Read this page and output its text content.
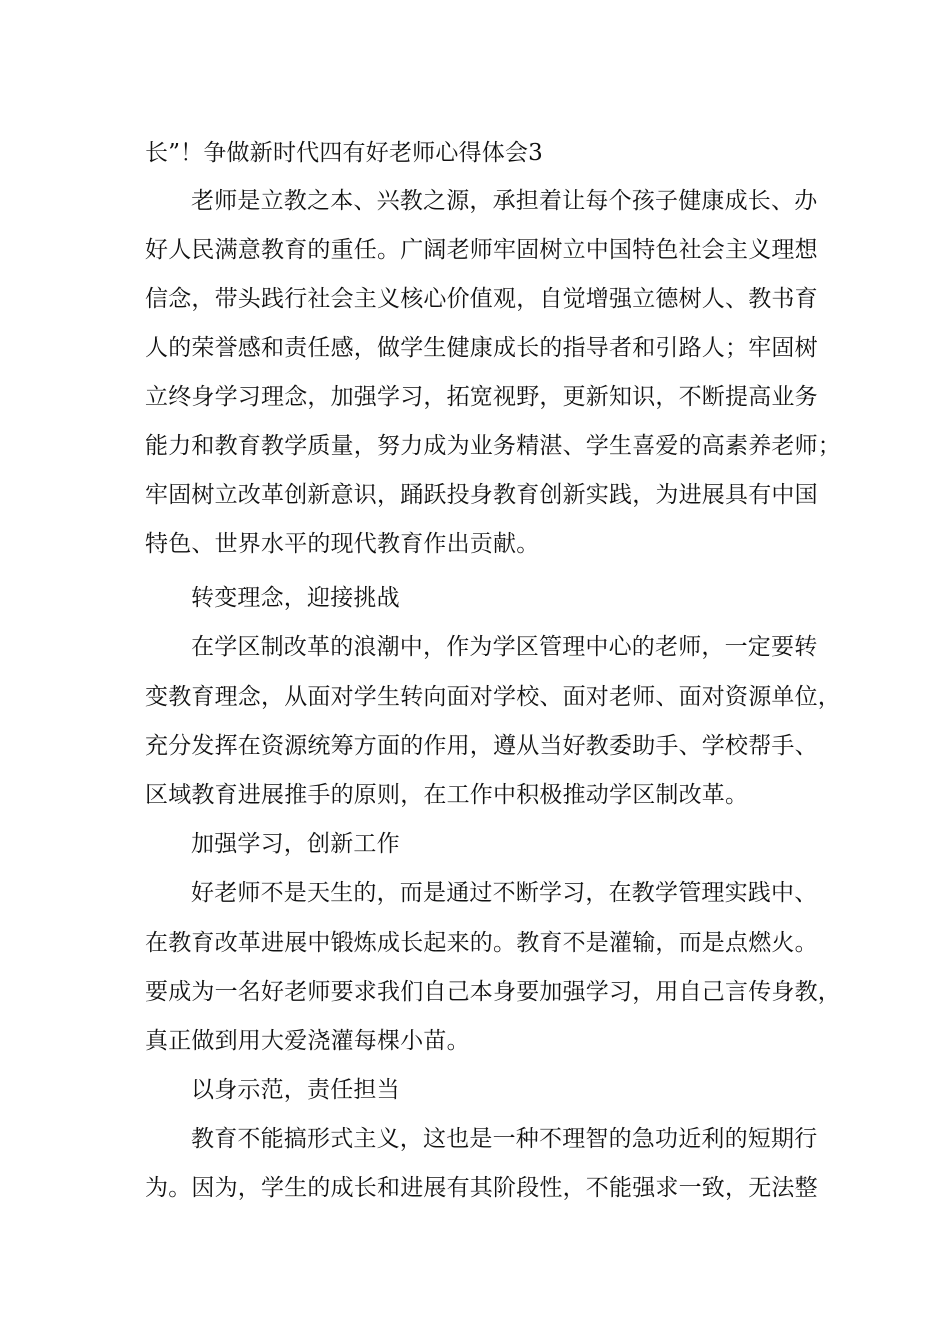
长”！争做新时代四有好老师心得体会3
老师是立教之本、兴教之源，承担着让每个孩子健康成长、办
好人民满意教育的重任。广阔老师牢固树立中国特色社会主义理想
信念，带头践行社会主义核心价值观，自觉增强立德树人、教书育
人的荣誉感和责任感，做学生健康成长的指导者和引路人；牢固树
立终身学习理念，加强学习，拓宽视野，更新知识，不断提高业务
能力和教育教学质量，努力成为业务精湛、学生喜爱的高素养老师；
牢固树立改革创新意识，踊跃投身教育创新实践，为进展具有中国
特色、世界水平的现代教育作出贡献。
转变理念，迎接挑战
在学区制改革的浪潮中，作为学区管理中心的老师，一定要转
变教育理念，从面对学生转向面对学校、面对老师、面对资源单位，
充分发挥在资源统筹方面的作用，遵从当好教委助手、学校帮手、
区域教育进展推手的原则，在工作中积极推动学区制改革。
加强学习，创新工作
好老师不是天生的，而是通过不断学习，在教学管理实践中、
在教育改革进展中锻炼成长起来的。教育不是灌输，而是点燃火。
要成为一名好老师要求我们自己本身要加强学习，用自己言传身教，
真正做到用大爱浇灌每棵小苗。
以身示范，责任担当
教育不能搞形式主义，这也是一种不理智的急功近利的短期行
为。因为，学生的成长和进展有其阶段性，不能强求一致，无法整
